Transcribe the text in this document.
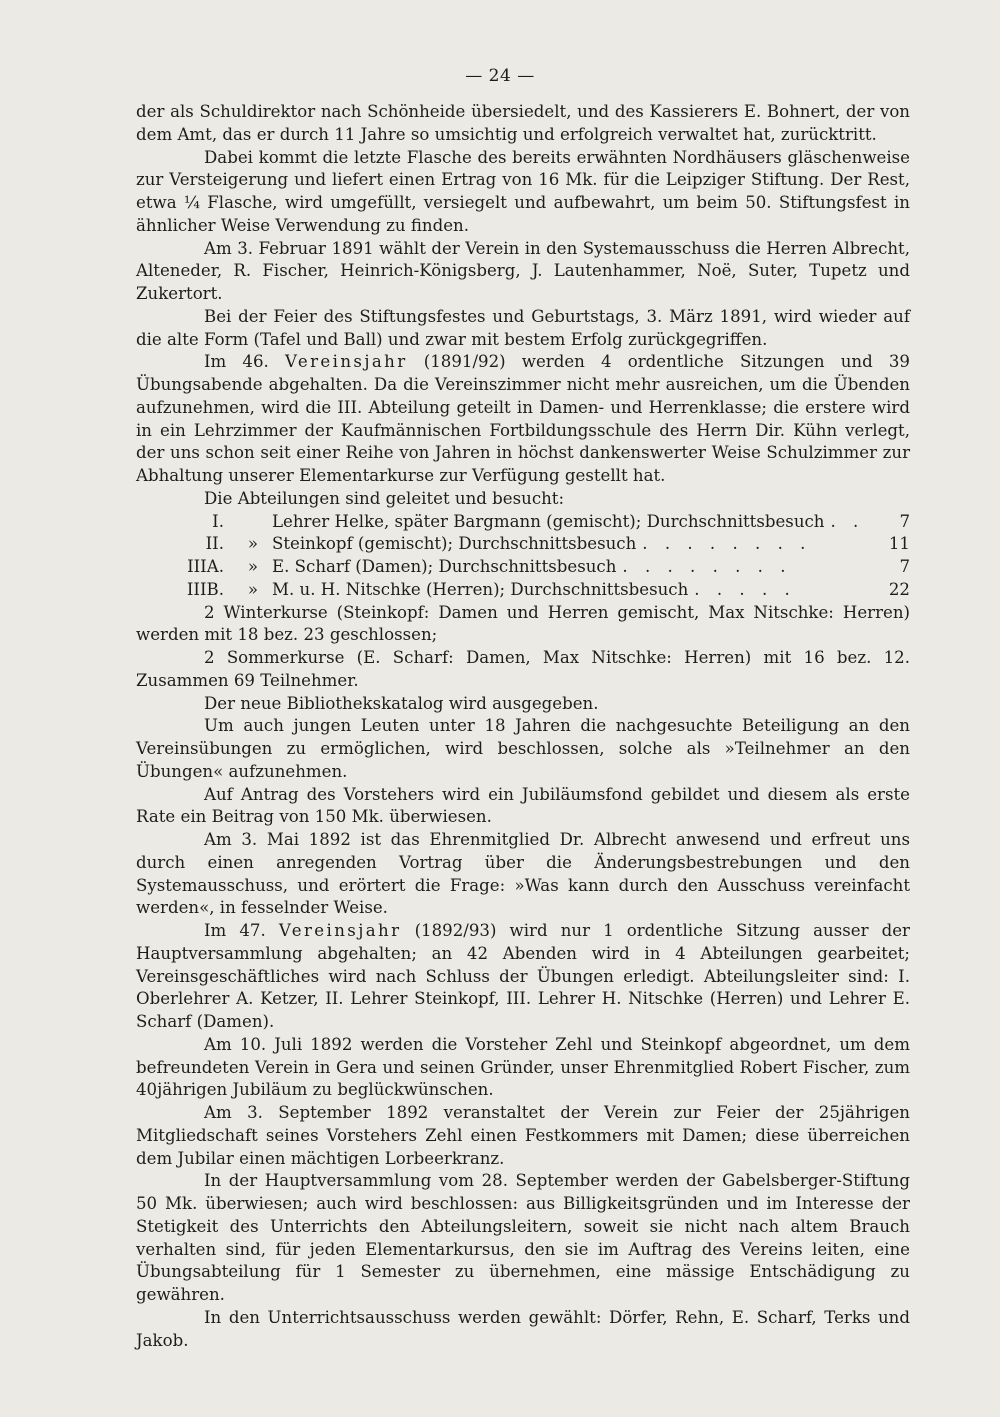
— 24 —

der als Schuldirektor nach Schönheide übersiedelt, und des Kassierers E. Bohnert, der von dem Amt, das er durch 11 Jahre so umsichtig und erfolgreich verwaltet hat, zurücktritt.

Dabei kommt die letzte Flasche des bereits erwähnten Nordhäusers gläschenweise zur Versteigerung und liefert einen Ertrag von 16 Mk. für die Leipziger Stiftung. Der Rest, etwa ¼ Flasche, wird umgefüllt, versiegelt und aufbewahrt, um beim 50. Stiftungsfest in ähnlicher Weise Verwendung zu finden.

Am 3. Februar 1891 wählt der Verein in den Systemausschuss die Herren Albrecht, Alteneder, R. Fischer, Heinrich-Königsberg, J. Lautenhammer, Noë, Suter, Tupetz und Zukertort.

Bei der Feier des Stiftungsfestes und Geburtstags, 3. März 1891, wird wieder auf die alte Form (Tafel und Ball) und zwar mit bestem Erfolg zurückgegriffen.

Im 46. Vereinsjahr (1891/92) werden 4 ordentliche Sitzungen und 39 Übungsabende abgehalten. Da die Vereinszimmer nicht mehr ausreichen, um die Übenden aufzunehmen, wird die III. Abteilung geteilt in Damen- und Herrenklasse; die erstere wird in ein Lehrzimmer der Kaufmännischen Fortbildungsschule des Herrn Dir. Kühn verlegt, der uns schon seit einer Reihe von Jahren in höchst dankenswerter Weise Schulzimmer zur Abhaltung unserer Elementarkurse zur Verfügung gestellt hat.

Die Abteilungen sind geleitet und besucht:

I.	Lehrer Helke, später Bargmann (gemischt); Durchschnittsbesuch . .	7
II.	» Steinkopf (gemischt); Durchschnittsbesuch . . . . . . . .	11
IIIA.	» E. Scharf (Damen); Durchschnittsbesuch . . . . . . . .	7
IIIB.	» M. u. H. Nitschke (Herren); Durchschnittsbesuch . . . . .	22

2 Winterkurse (Steinkopf: Damen und Herren gemischt, Max Nitschke: Herren) werden mit 18 bez. 23 geschlossen;

2 Sommerkurse (E. Scharf: Damen, Max Nitschke: Herren) mit 16 bez. 12. Zusammen 69 Teilnehmer.

Der neue Bibliothekskatalog wird ausgegeben.

Um auch jungen Leuten unter 18 Jahren die nachgesuchte Beteiligung an den Vereinsübungen zu ermöglichen, wird beschlossen, solche als »Teilnehmer an den Übungen« aufzunehmen.

Auf Antrag des Vorstehers wird ein Jubiläumsfond gebildet und diesem als erste Rate ein Beitrag von 150 Mk. überwiesen.

Am 3. Mai 1892 ist das Ehrenmitglied Dr. Albrecht anwesend und erfreut uns durch einen anregenden Vortrag über die Änderungsbestrebungen und den Systemausschuss, und erörtert die Frage: »Was kann durch den Ausschuss vereinfacht werden«, in fesselnder Weise.

Im 47. Vereinsjahr (1892/93) wird nur 1 ordentliche Sitzung ausser der Hauptversammlung abgehalten; an 42 Abenden wird in 4 Abteilungen gearbeitet; Vereinsgeschäftliches wird nach Schluss der Übungen erledigt. Abteilungsleiter sind: I. Oberlehrer A. Ketzer, II. Lehrer Steinkopf, III. Lehrer H. Nitschke (Herren) und Lehrer E. Scharf (Damen).

Am 10. Juli 1892 werden die Vorsteher Zehl und Steinkopf abgeordnet, um dem befreundeten Verein in Gera und seinen Gründer, unser Ehrenmitglied Robert Fischer, zum 40jährigen Jubiläum zu beglückwünschen.

Am 3. September 1892 veranstaltet der Verein zur Feier der 25jährigen Mitgliedschaft seines Vorstehers Zehl einen Festkommers mit Damen; diese überreichen dem Jubilar einen mächtigen Lorbeerkranz.

In der Hauptversammlung vom 28. September werden der Gabelsberger-Stiftung 50 Mk. überwiesen; auch wird beschlossen: aus Billigkeitsgründen und im Interesse der Stetigkeit des Unterrichts den Abteilungsleitern, soweit sie nicht nach altem Brauch verhalten sind, für jeden Elementarkursus, den sie im Auftrag des Vereins leiten, eine Übungsabteilung für 1 Semester zu übernehmen, eine mässige Entschädigung zu gewähren.

In den Unterrichtsausschuss werden gewählt: Dörfer, Rehn, E. Scharf, Terks und Jakob.
